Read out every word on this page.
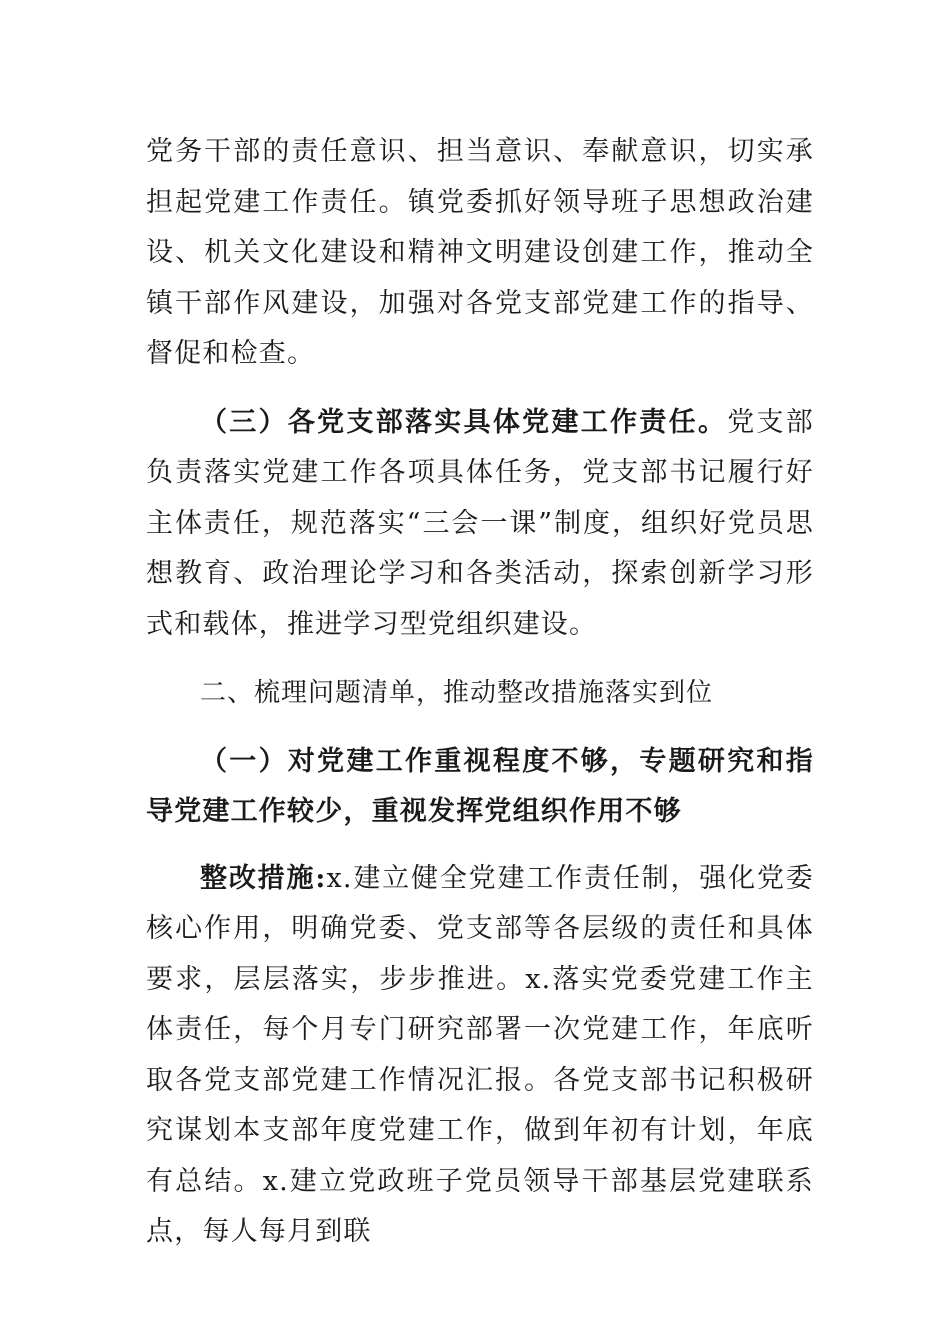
党务干部的责任意识、担当意识、奉献意识，切实承担起党建工作责任。镇党委抓好领导班子思想政治建设、机关文化建设和精神文明建设创建工作，推动全镇干部作风建设，加强对各党支部党建工作的指导、督促和检查。

（三）各党支部落实具体党建工作责任。党支部负责落实党建工作各项具体任务，党支部书记履行好主体责任，规范落实“三会一课”制度，组织好党员思想教育、政治理论学习和各类活动，探索创新学习形式和载体，推进学习型党组织建设。

二、梳理问题清单，推动整改措施落实到位

（一）对党建工作重视程度不够，专题研究和指导党建工作较少，重视发挥党组织作用不够

整改措施:x.建立健全党建工作责任制，强化党委核心作用，明确党委、党支部等各层级的责任和具体要求，层层落实，步步推进。x.落实党委党建工作主体责任，每个月专门研究部署一次党建工作，年底听取各党支部党建工作情况汇报。各党支部书记积极研究谋划本支部年度党建工作，做到年初有计划，年底有总结。x.建立党政班子党员领导干部基层党建联系点，每人每月到联
